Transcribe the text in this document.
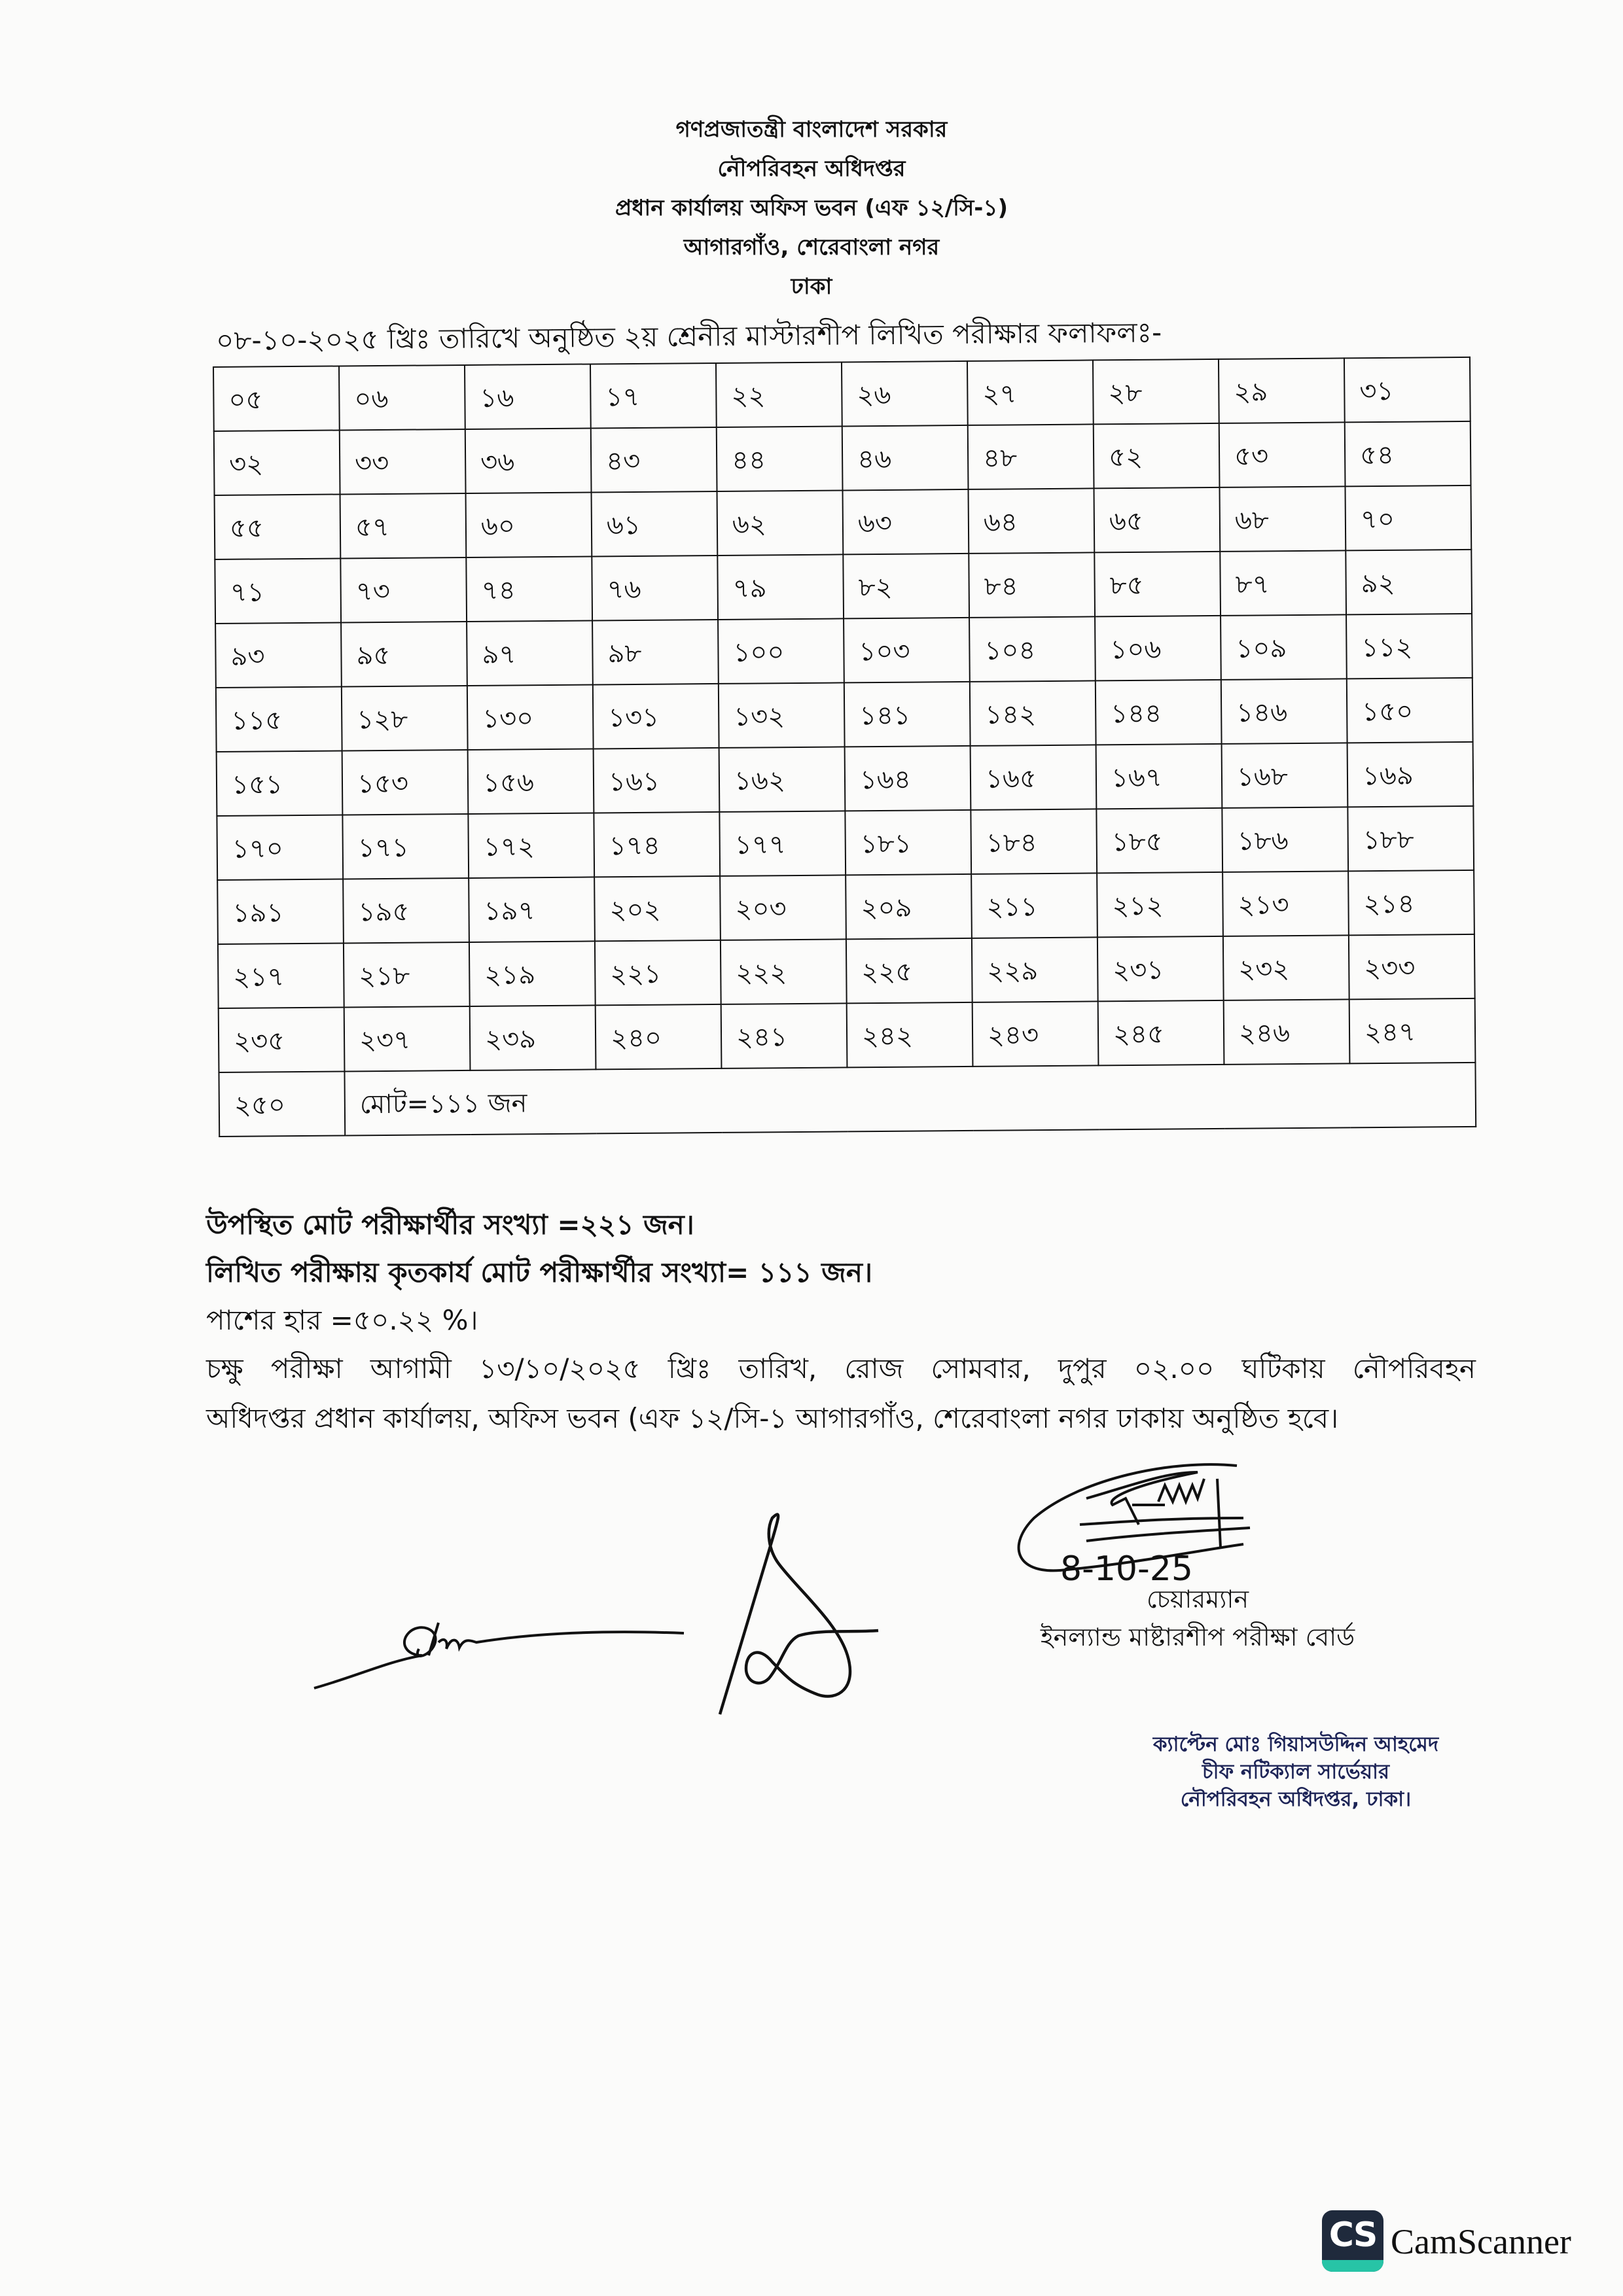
গণপ্রজাতন্ত্রী বাংলাদেশ সরকার
নৌপরিবহন অধিদপ্তর
প্রধান কার্যালয় অফিস ভবন (এফ ১২/সি-১)
আগারগাঁও, শেরেবাংলা নগর
ঢাকা
০৮-১০-২০২৫ খ্রিঃ তারিখে অনুষ্ঠিত ২য় শ্রেনীর মাস্টারশীপ লিখিত পরীক্ষার ফলাফলঃ-
০৫	০৬	১৬	১৭	২২	২৬	২৭	২৮	২৯	৩১
৩২	৩৩	৩৬	৪৩	৪৪	৪৬	৪৮	৫২	৫৩	৫৪
৫৫	৫৭	৬০	৬১	৬২	৬৩	৬৪	৬৫	৬৮	৭০
৭১	৭৩	৭৪	৭৬	৭৯	৮২	৮৪	৮৫	৮৭	৯২
৯৩	৯৫	৯৭	৯৮	১০০	১০৩	১০৪	১০৬	১০৯	১১২
১১৫	১২৮	১৩০	১৩১	১৩২	১৪১	১৪২	১৪৪	১৪৬	১৫০
১৫১	১৫৩	১৫৬	১৬১	১৬২	১৬৪	১৬৫	১৬৭	১৬৮	১৬৯
১৭০	১৭১	১৭২	১৭৪	১৭৭	১৮১	১৮৪	১৮৫	১৮৬	১৮৮
১৯১	১৯৫	১৯৭	২০২	২০৩	২০৯	২১১	২১২	২১৩	২১৪
২১৭	২১৮	২১৯	২২১	২২২	২২৫	২২৯	২৩১	২৩২	২৩৩
২৩৫	২৩৭	২৩৯	২৪০	২৪১	২৪২	২৪৩	২৪৫	২৪৬	২৪৭
২৫০	মোট=১১১ জন								
উপস্থিত মোট পরীক্ষার্থীর সংখ্যা =২২১ জন।
লিখিত পরীক্ষায় কৃতকার্য মোট পরীক্ষার্থীর সংখ্যা= ১১১ জন।
পাশের হার =৫০.২২ %।
চক্ষু পরীক্ষা আগামী ১৩/১০/২০২৫ খ্রিঃ তারিখ, রোজ সোমবার, দুপুর ০২.০০ ঘটিকায় নৌপরিবহন
অধিদপ্তর প্রধান কার্যালয়, অফিস ভবন (এফ ১২/সি-১ আগারগাঁও, শেরেবাংলা নগর ঢাকায় অনুষ্ঠিত হবে।
8-10-25
চেয়ারম্যান
ইনল্যান্ড মাষ্টারশীপ পরীক্ষা বোর্ড
ক্যাপ্টেন মোঃ গিয়াসউদ্দিন আহমেদ
চীফ নটিক্যাল সার্ভেয়ার
নৌপরিবহন অধিদপ্তর, ঢাকা।
CS CamScanner
